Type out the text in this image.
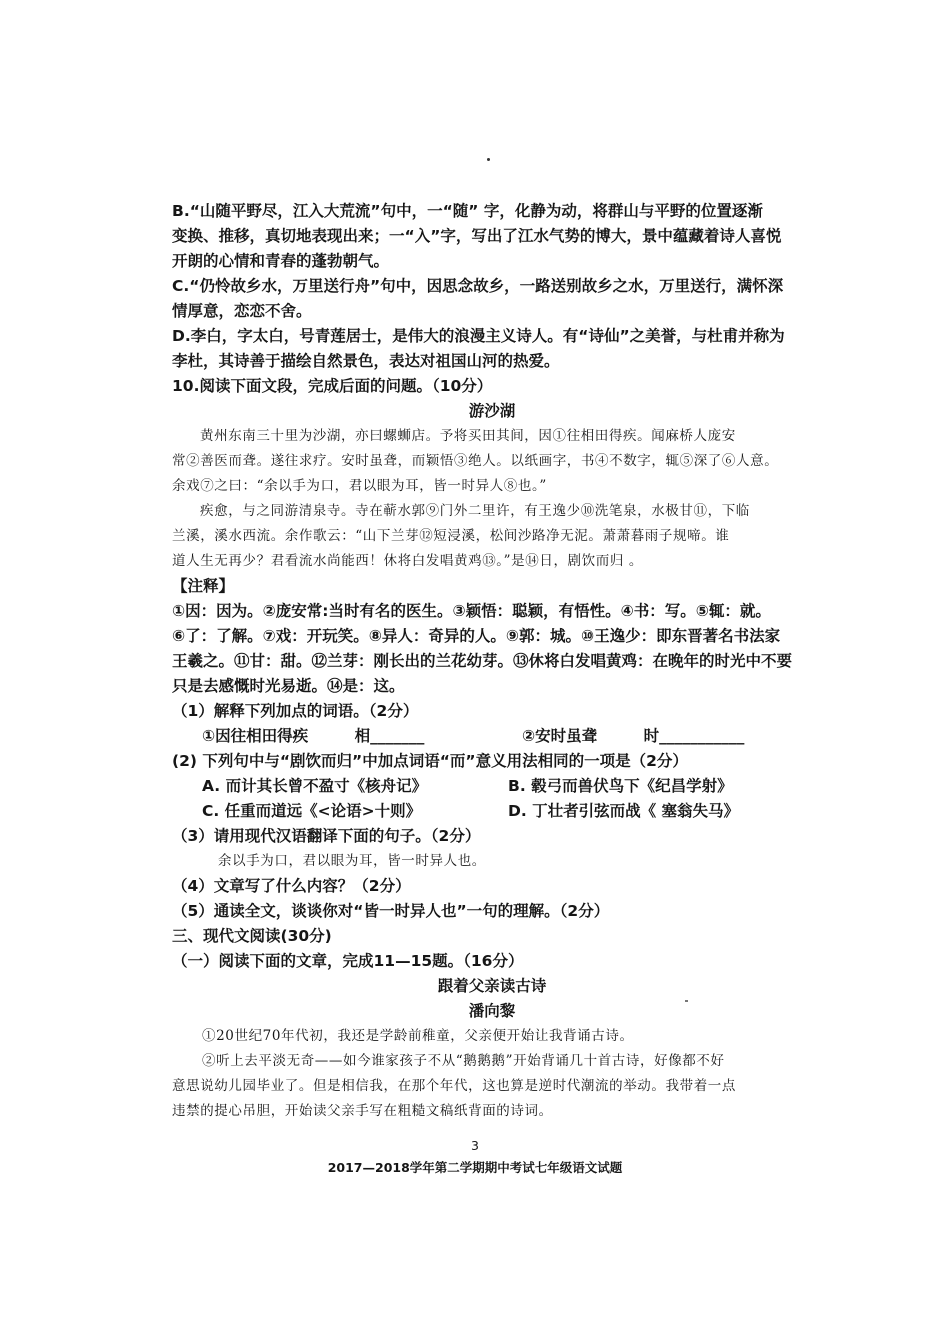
B.“山随平野尽，江入大荒流”句中，一“随” 字，化静为动，将群山与平野的位置逐渐
变换、推移，真切地表现出来；一“入”字，写出了江水气势的博大，景中蕴藏着诗人喜悦
开朗的心情和青春的蓬勃朝气。
C.“仍怜故乡水，万里送行舟”句中，因思念故乡，一路送别故乡之水，万里送行，满怀深
情厚意，恋恋不舍。
D.李白，字太白，号青莲居士，是伟大的浪漫主义诗人。有“诗仙”之美誉，与杜甫并称为
李杜，其诗善于描绘自然景色，表达对祖国山河的热爱。
10.阅读下面文段，完成后面的问题。（10分）
游沙湖
黄州东南三十里为沙湖，亦曰螺蛳店。予将买田其间，因①往相田得疾。闻麻桥人庞安
常②善医而聋。遂往求疗。安时虽聋，而颖悟③绝人。以纸画字，书④不数字，辄⑤深了⑥人意。
余戏⑦之曰：“余以手为口，君以眼为耳，皆一时异人⑧也。”
疾愈，与之同游清泉寺。寺在蕲水郭⑨门外二里许，有王逸少⑩洗笔泉，水极甘⑪，下临
兰溪，溪水西流。余作歌云：“山下兰芽⑫短浸溪，松间沙路净无泥。萧萧暮雨子规啼。谁
道人生无再少？君看流水尚能西！休将白发唱黄鸡⑬。”是⑭日，剧饮而归 。
【注释】
①因：因为。②庞安常:当时有名的医生。③颖悟：聪颖，有悟性。④书：写。⑤辄：就。
⑥了：了解。⑦戏：开玩笑。⑧异人：奇异的人。⑨郭：城。⑩王逸少：即东晋著名书法家
王羲之。⑪甘：甜。⑫兰芽：刚长出的兰花幼芽。⑬休将白发唱黄鸡：在晚年的时光中不要
只是去感慨时光易逝。⑭是：这。
（1）解释下列加点的词语。（2分）
①因往相田得疾　　　相_______	②安时虽聋　　　时___________
(2) 下列句中与“剧饮而归”中加点词语“而”意义用法相同的一项是（2分）
A. 而计其长曾不盈寸《核舟记》	B. 毂弓而兽伏鸟下《纪昌学射》
C. 任重而道远《<论语>十则》	D. 丁壮者引弦而战《 塞翁失马》
（3）请用现代汉语翻译下面的句子。（2分）
余以手为口，君以眼为耳，皆一时异人也。
（4）文章写了什么内容？（2分）
（5）通读全文，谈谈你对“皆一时异人也”一句的理解。（2分）
三、现代文阅读(30分)
（一）阅读下面的文章，完成11—15题。（16分）
跟着父亲读古诗
潘向黎
①20世纪70年代初，我还是学龄前稚童，父亲便开始让我背诵古诗。
②听上去平淡无奇——如今谁家孩子不从“鹅鹅鹅”开始背诵几十首古诗，好像都不好
意思说幼儿园毕业了。但是相信我，在那个年代，这也算是逆时代潮流的举动。我带着一点
违禁的提心吊胆，开始读父亲手写在粗糙文稿纸背面的诗词。
3
2017—2018学年第二学期期中考试七年级语文试题
